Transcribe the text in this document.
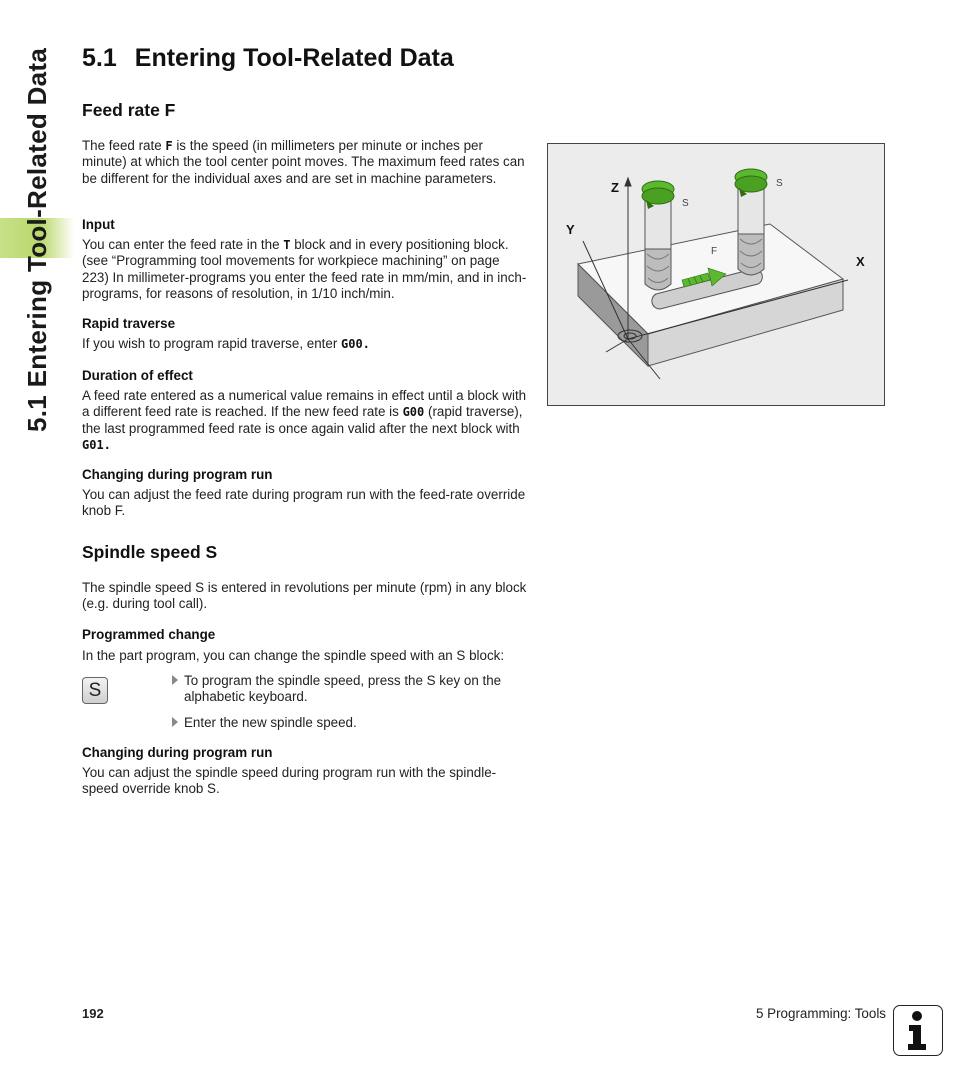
5.1 Entering Tool-Related Data 5.1 Entering Tool-Related Data
Feed rate F

The feed rate F is the speed (in millimeters per minute or inches per minute) at which the tool center point moves. The maximum feed rates can be different for the individual axes and are set in machine parameters.

Input

You can enter the feed rate in the T block and in every positioning block. (see “Programming tool movements for workpiece machining” on page 223) In millimeter-programs you enter the feed rate in mm/min, and in inch-programs, for reasons of resolution, in 1/10 inch/min.

Rapid traverse

If you wish to program rapid traverse, enter G00.

Duration of effect

A feed rate entered as a numerical value remains in effect until a block with a different feed rate is reached. If the new feed rate is G00 (rapid traverse), the last programmed feed rate is once again valid after the next block with G01.

Changing during program run

You can adjust the feed rate during program run with the feed-rate override knob F.

Z
Y
X
S
S
F
Spindle speed S

The spindle speed S is entered in revolutions per minute (rpm) in any block (e.g. during tool call).

Programmed change

In the part program, you can change the spindle speed with an S block:

S	To program the spindle speed, press the S key on the
alphabetic keyboard.
Enter the new spindle speed.
Changing during program run

You can adjust the spindle speed during program run with the spindle-speed override knob S.

192	5 Programming: Tools
